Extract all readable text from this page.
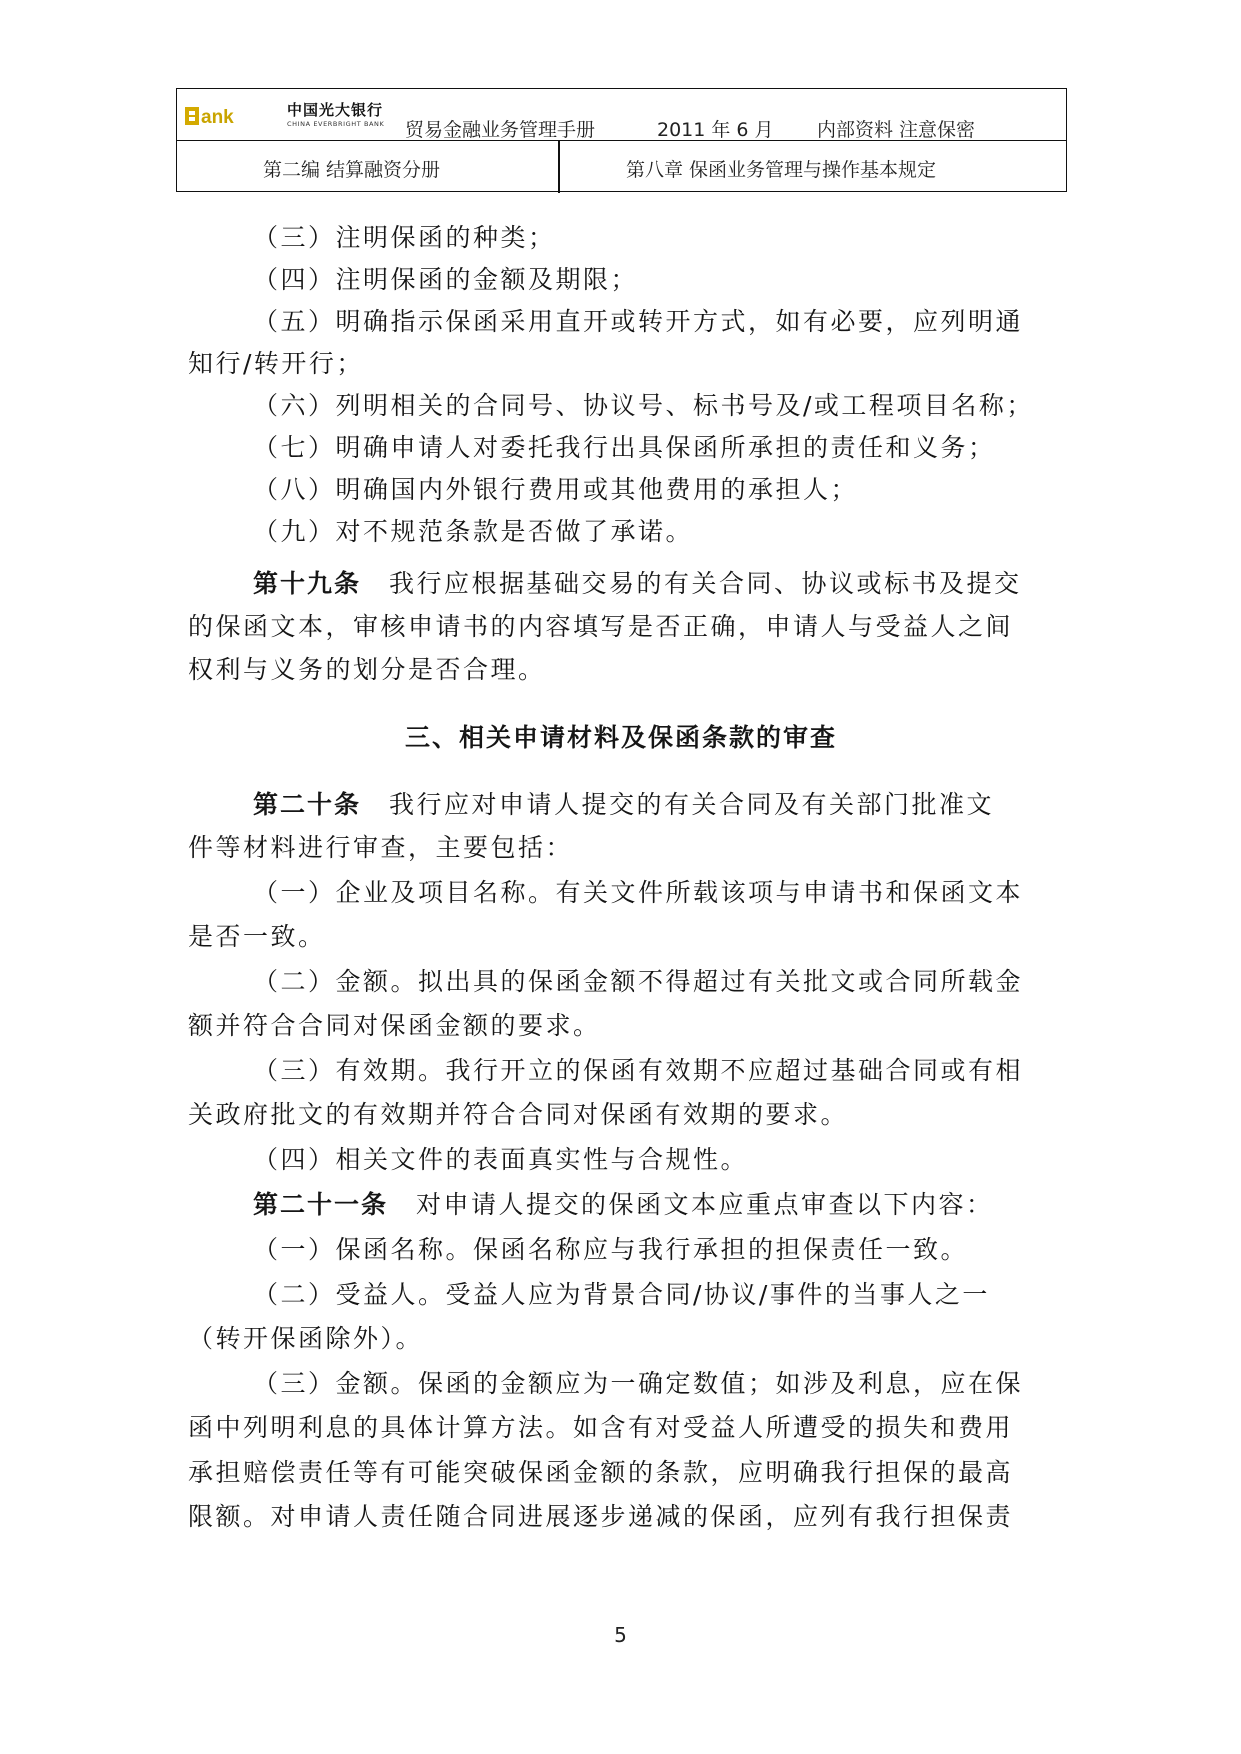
ank	中国光大银行
CHINA EVERBRIGHT BANK 贸易金融业务管理手册	2011 年 6 月 内部资料 注意保密
第二编 结算融资分册	第八章 保函业务管理与操作基本规定
（三）注明保函的种类；
（四）注明保函的金额及期限；
（五）明确指示保函采用直开或转开方式，如有必要，应列明通
知行/转开行；
（六）列明相关的合同号、协议号、标书号及/或工程项目名称；
（七）明确申请人对委托我行出具保函所承担的责任和义务；
（八）明确国内外银行费用或其他费用的承担人；
（九）对不规范条款是否做了承诺。
第十九条 我行应根据基础交易的有关合同、协议或标书及提交
的保函文本，审核申请书的内容填写是否正确，申请人与受益人之间
权利与义务的划分是否合理。
三、相关申请材料及保函条款的审查
第二十条 我行应对申请人提交的有关合同及有关部门批准文
件等材料进行审查，主要包括：
（一）企业及项目名称。有关文件所载该项与申请书和保函文本
是否一致。
（二）金额。拟出具的保函金额不得超过有关批文或合同所载金
额并符合合同对保函金额的要求。
（三）有效期。我行开立的保函有效期不应超过基础合同或有相
关政府批文的有效期并符合合同对保函有效期的要求。
（四）相关文件的表面真实性与合规性。
第二十一条 对申请人提交的保函文本应重点审查以下内容：
（一）保函名称。保函名称应与我行承担的担保责任一致。
（二）受益人。受益人应为背景合同/协议/事件的当事人之一
（转开保函除外）。
（三）金额。保函的金额应为一确定数值；如涉及利息，应在保
函中列明利息的具体计算方法。如含有对受益人所遭受的损失和费用
承担赔偿责任等有可能突破保函金额的条款，应明确我行担保的最高
限额。对申请人责任随合同进展逐步递减的保函，应列有我行担保责
5
